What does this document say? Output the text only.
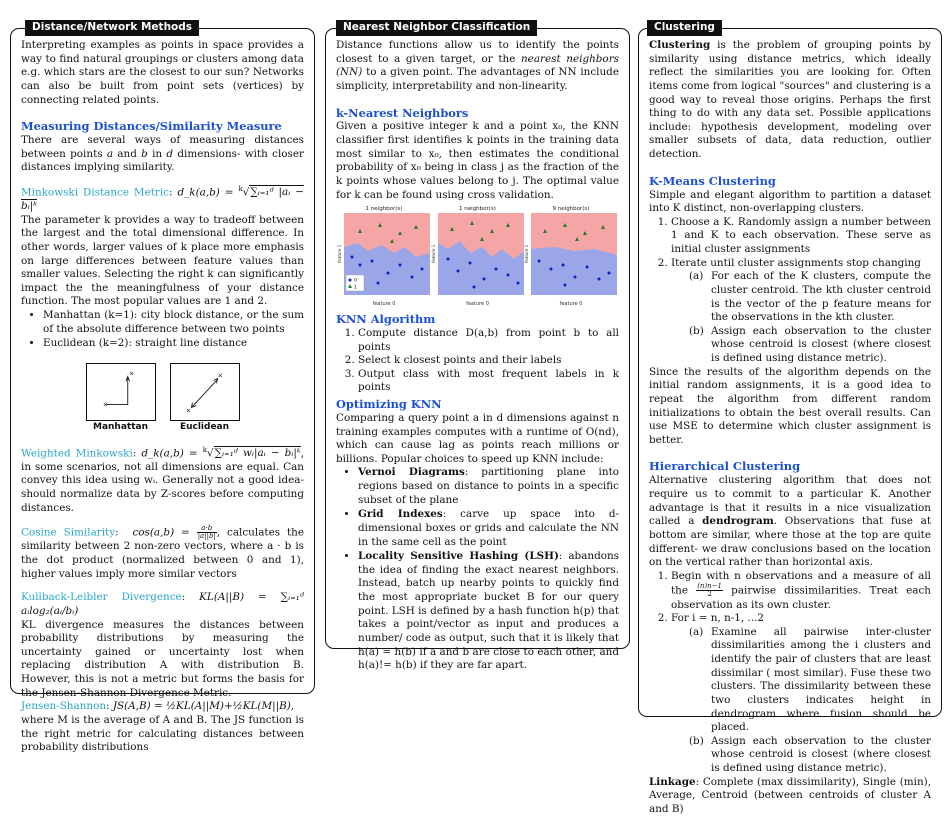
Distance/Network Methods

Interpreting examples as points in space provides a way to find natural groupings or clusters among data e.g. which stars are the closest to our sun? Networks can also be built from point sets (vertices) by connecting related points.

Measuring Distances/Similarity Measure

There are several ways of measuring distances between points a and b in d dimensions- with closer distances implying similarity.

Minkowski Distance Metric: d_k(a,b) = $^k$√∑ᵢ₌₁ᵈ |aᵢ − bᵢ|ᵏ

The parameter k provides a way to tradeoff between the largest and the total dimensional difference. In other words, larger values of k place more emphasis on large differences between feature values than smaller values. Selecting the right k can significantly impact the the meaningfulness of your distance function. The most popular values are 1 and 2.

• Manhattan (k=1): city block distance, or the sum of the absolute difference between two points
• Euclidean (k=2): straight line distance
×
×
Manhattan
×
×
Euclidean

Weighted Minkowski: d_k(a,b) = $^k$√∑ᵢ₌₁ᵈ wᵢ|aᵢ − bᵢ|ᵏ, in some scenarios, not all dimensions are equal. Can convey this idea using wᵢ. Generally not a good idea- should normalize data by Z-scores before computing distances.

Cosine Similarity:  $\cos(a,b) = \frac{a\cdot b}{|a||b|}$ , calculates the similarity between 2 non-zero vectors, where a · b is the dot product (normalized between 0 and 1), higher values imply more similar vectors

Kullback-Leibler Divergence: KL(A||B) = ∑ᵢ₌₁ᵈ aᵢlog₂(aᵢ/bᵢ)

KL divergence measures the distances between probability distributions by measuring the uncertainty gained or uncertainty lost when replacing distribution A with distribution B. However, this is not a metric but forms the basis for the Jensen-Shannon Divergence Metric.

Jensen-Shannon: JS(A,B) = ½KL(A||M)+½KL(M||B),

where M is the average of A and B. The JS function is the right metric for calculating distances between probability distributions

Nearest Neighbor Classification

Distance functions allow us to identify the points closest to a given target, or the nearest neighbors (NN) to a given point. The advantages of NN include simplicity, interpretability and non-linearity.

k-Nearest Neighbors

Given a positive integer k and a point x₀, the KNN classifier first identifies k points in the training data most similar to x₀, then estimates the conditional probability of x₀ being in class j as the fraction of the k points whose values belong to j. The optimal value for k can be found using cross validation.

1 neighbor(s)
0
1
feature 1
feature 0
1 neighbor(s)
feature 1
feature 0
9 neighbor(s)
feature 1
feature 0
KNN Algorithm
1. Compute distance D(a,b) from point b to all points
2. Select k closest points and their labels
3. Output class with most frequent labels in k points
Optimizing KNN

Comparing a query point a in d dimensions against n training examples computes with a runtime of O(nd), which can cause lag as points reach millions or billions. Popular choices to speed up KNN include:

• Vernoi Diagrams: partitioning plane into regions based on distance to points in a specific subset of the plane
• Grid Indexes: carve up space into d-dimensional boxes or grids and calculate the NN in the same cell as the point
• Locality Sensitive Hashing (LSH): abandons the idea of finding the exact nearest neighbors. Instead, batch up nearby points to quickly find the most appropriate bucket B for our query point. LSH is defined by a hash function h(p) that takes a point/vector as input and produces a number/ code as output, such that it is likely that h(a) = h(b) if a and b are close to each other, and h(a)!= h(b) if they are far apart.
Clustering

Clustering is the problem of grouping points by similarity using distance metrics, which ideally reflect the similarities you are looking for. Often items come from logical "sources" and clustering is a good way to reveal those origins. Perhaps the first thing to do with any data set. Possible applications include: hypothesis development, modeling over smaller subsets of data, data reduction, outlier detection.

K-Means Clustering

Simple and elegant algorithm to partition a dataset into K distinct, non-overlapping clusters.

1. Choose a K. Randomly assign a number between 1 and K to each observation. These serve as initial cluster assignments
2. Iterate until cluster assignments stop changing
(a) For each of the K clusters, compute the cluster centroid. The kth cluster centroid is the vector of the p feature means for the observations in the kth cluster.
(b) Assign each observation to the cluster whose centroid is closest (where closest is defined using distance metric).

Since the results of the algorithm depends on the initial random assignments, it is a good idea to repeat the algorithm from different random initializations to obtain the best overall results. Can use MSE to determine which cluster assignment is better.

Hierarchical Clustering

Alternative clustering algorithm that does not require us to commit to a particular K. Another advantage is that it results in a nice visualization called a dendrogram. Observations that fuse at bottom are similar, where those at the top are quite different- we draw conclusions based on the location on the vertical rather than horizontal axis.

1. Begin with n observations and a measure of all the $\frac{(n)n-1}{2}$ pairwise dissimilarities. Treat each observation as its own cluster.
2. For i = n, n-1, ...2
(a) Examine all pairwise inter-cluster dissimilarities among the i clusters and identify the pair of clusters that are least dissimilar ( most similar). Fuse these two clusters. The dissimilarity between these two clusters indicates height in dendrogram where fusion should be placed.
(b) Assign each observation to the cluster whose centroid is closest (where closest is defined using distance metric).

Linkage: Complete (max dissimilarity), Single (min), Average, Centroid (between centroids of cluster A and B)
